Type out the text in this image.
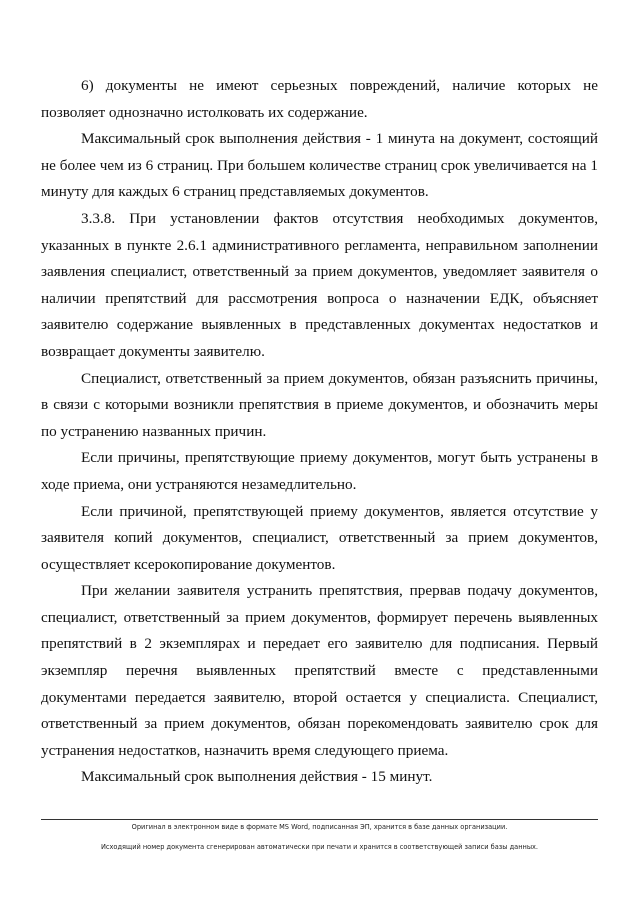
6) документы не имеют серьезных повреждений, наличие которых не позволяет однозначно истолковать их содержание.

Максимальный срок выполнения действия - 1 минута на документ, состоящий не более чем из 6 страниц. При большем количестве страниц срок увеличивается на 1 минуту для каждых 6 страниц представляемых документов.

3.3.8. При установлении фактов отсутствия необходимых документов, указанных в пункте 2.6.1 административного регламента, неправильном заполнении заявления специалист, ответственный за прием документов, уведомляет заявителя о наличии препятствий для рассмотрения вопроса о назначении ЕДК, объясняет заявителю содержание выявленных в представленных документах недостатков и возвращает документы заявителю.

Специалист, ответственный за прием документов, обязан разъяснить причины, в связи с которыми возникли препятствия в приеме документов, и обозначить меры по устранению названных причин.

Если причины, препятствующие приему документов, могут быть устранены в ходе приема, они устраняются незамедлительно.

Если причиной, препятствующей приему документов, является отсутствие у заявителя копий документов, специалист, ответственный за прием документов, осуществляет ксерокопирование документов.

При желании заявителя устранить препятствия, прервав подачу документов, специалист, ответственный за прием документов, формирует перечень выявленных препятствий в 2 экземплярах и передает его заявителю для подписания. Первый экземпляр перечня выявленных препятствий вместе с представленными документами передается заявителю, второй остается у специалиста. Специалист, ответственный за прием документов, обязан порекомендовать заявителю срок для устранения недостатков, назначить время следующего приема.

Максимальный срок выполнения действия - 15 минут.

Оригинал в электронном виде в формате MS Word, подписанная ЭП, хранится в базе данных организации.
Исходящий номер документа сгенерирован автоматически при печати и хранится в соответствующей записи базы данных.
